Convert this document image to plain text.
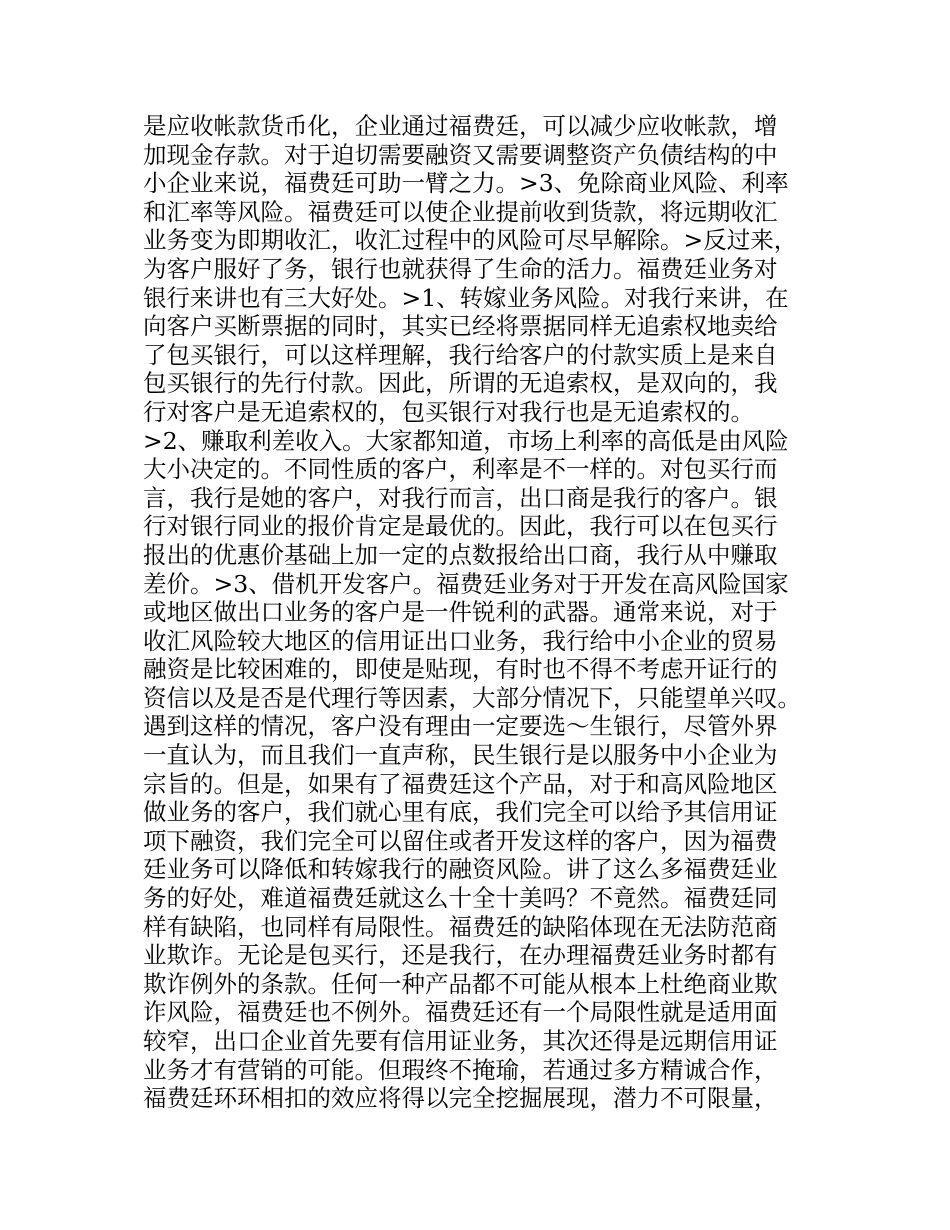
是应收帐款货币化，企业通过福费廷，可以减少应收帐款，增
加现金存款。对于迫切需要融资又需要调整资产负债结构的中
小企业来说，福费廷可助一臂之力。>3、免除商业风险、利率
和汇率等风险。福费廷可以使企业提前收到货款，将远期收汇
业务变为即期收汇，收汇过程中的风险可尽早解除。>反过来，
为客户服好了务，银行也就获得了生命的活力。福费廷业务对
银行来讲也有三大好处。>1、转嫁业务风险。对我行来讲，在
向客户买断票据的同时，其实已经将票据同样无追索权地卖给
了包买银行，可以这样理解，我行给客户的付款实质上是来自
包买银行的先行付款。因此，所谓的无追索权，是双向的，我
行对客户是无追索权的，包买银行对我行也是无追索权的。
>2、赚取利差收入。大家都知道，市场上利率的高低是由风险
大小决定的。不同性质的客户，利率是不一样的。对包买行而
言，我行是她的客户，对我行而言，出口商是我行的客户。银
行对银行同业的报价肯定是最优的。因此，我行可以在包买行
报出的优惠价基础上加一定的点数报给出口商，我行从中赚取
差价。>3、借机开发客户。福费廷业务对于开发在高风险国家
或地区做出口业务的客户是一件锐利的武器。通常来说，对于
收汇风险较大地区的信用证出口业务，我行给中小企业的贸易
融资是比较困难的，即使是贴现，有时也不得不考虑开证行的
资信以及是否是代理行等因素，大部分情况下，只能望单兴叹。
遇到这样的情况，客户没有理由一定要选～生银行，尽管外界
一直认为，而且我们一直声称，民生银行是以服务中小企业为
宗旨的。但是，如果有了福费廷这个产品，对于和高风险地区
做业务的客户，我们就心里有底，我们完全可以给予其信用证
项下融资，我们完全可以留住或者开发这样的客户，因为福费
廷业务可以降低和转嫁我行的融资风险。讲了这么多福费廷业
务的好处，难道福费廷就这么十全十美吗？不竟然。福费廷同
样有缺陷，也同样有局限性。福费廷的缺陷体现在无法防范商
业欺诈。无论是包买行，还是我行，在办理福费廷业务时都有
欺诈例外的条款。任何一种产品都不可能从根本上杜绝商业欺
诈风险，福费廷也不例外。福费廷还有一个局限性就是适用面
较窄，出口企业首先要有信用证业务，其次还得是远期信用证
业务才有营销的可能。但瑕终不掩瑜，若通过多方精诚合作，
福费廷环环相扣的效应将得以完全挖掘展现，潜力不可限量，
